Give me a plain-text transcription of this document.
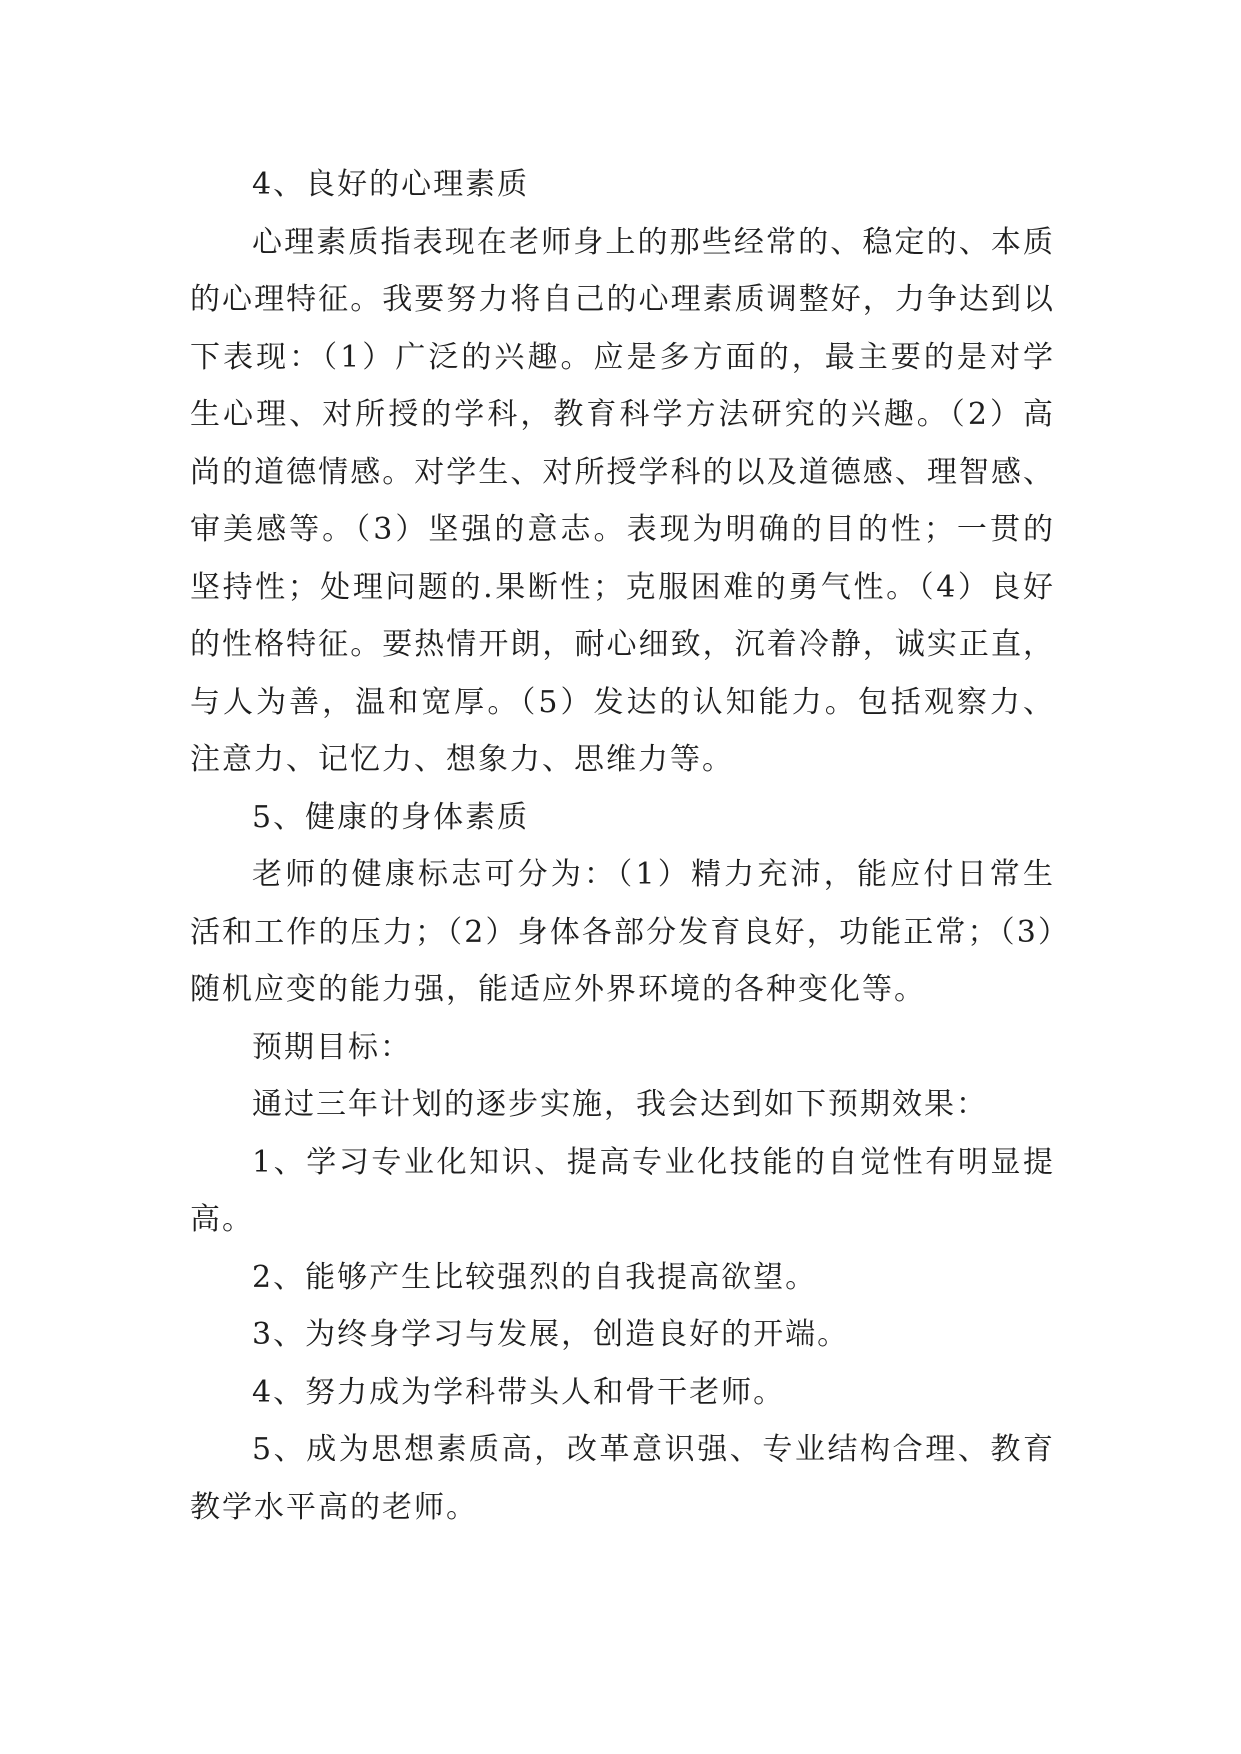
4、良好的心理素质

心理素质指表现在老师身上的那些经常的、稳定的、本质的心理特征。我要努力将自己的心理素质调整好，力争达到以下表现：（1）广泛的兴趣。应是多方面的，最主要的是对学生心理、对所授的学科，教育科学方法研究的兴趣。（2）高尚的道德情感。对学生、对所授学科的以及道德感、理智感、审美感等。（3）坚强的意志。表现为明确的目的性；一贯的坚持性；处理问题的.果断性；克服困难的勇气性。（4）良好的性格特征。要热情开朗，耐心细致，沉着冷静，诚实正直，与人为善，温和宽厚。（5）发达的认知能力。包括观察力、注意力、记忆力、想象力、思维力等。

5、健康的身体素质

老师的健康标志可分为：（1）精力充沛，能应付日常生活和工作的压力；（2）身体各部分发育良好，功能正常；（3）随机应变的能力强，能适应外界环境的各种变化等。

预期目标：

通过三年计划的逐步实施，我会达到如下预期效果：

1、学习专业化知识、提高专业化技能的自觉性有明显提高。

2、能够产生比较强烈的自我提高欲望。

3、为终身学习与发展，创造良好的开端。

4、努力成为学科带头人和骨干老师。

5、成为思想素质高，改革意识强、专业结构合理、教育教学水平高的老师。
